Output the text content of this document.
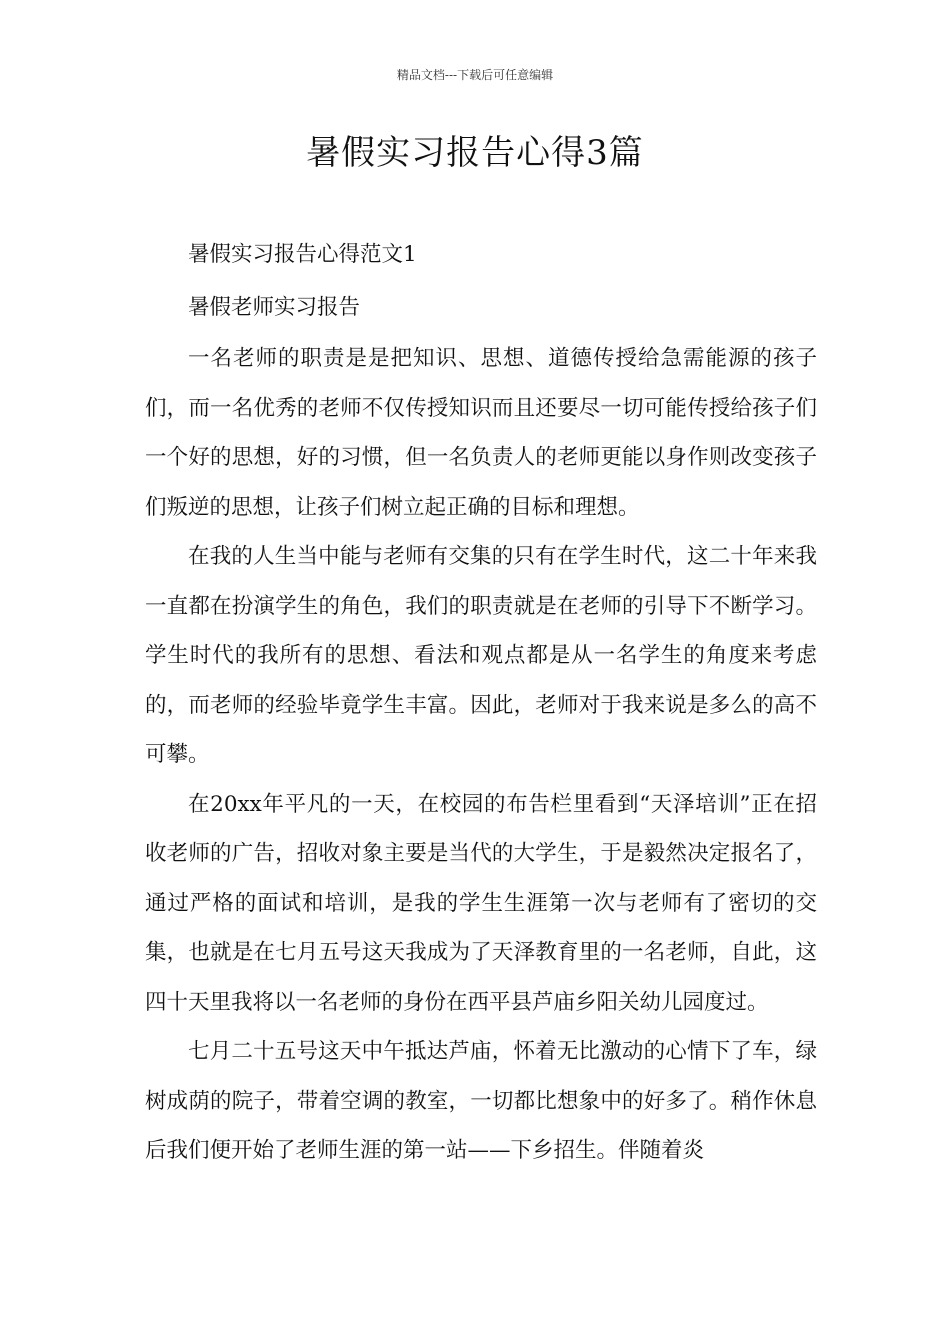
精品文档---下载后可任意编辑
暑假实习报告心得3篇

暑假实习报告心得范文1

暑假老师实习报告

一名老师的职责是是把知识、思想、道德传授给急需能源的孩子们，而一名优秀的老师不仅传授知识而且还要尽一切可能传授给孩子们一个好的思想，好的习惯，但一名负责人的老师更能以身作则改变孩子们叛逆的思想，让孩子们树立起正确的目标和理想。

在我的人生当中能与老师有交集的只有在学生时代，这二十年来我一直都在扮演学生的角色，我们的职责就是在老师的引导下不断学习。学生时代的我所有的思想、看法和观点都是从一名学生的角度来考虑的，而老师的经验毕竟学生丰富。因此，老师对于我来说是多么的高不可攀。

在20xx年平凡的一天，在校园的布告栏里看到“天泽培训”正在招收老师的广告，招收对象主要是当代的大学生，于是毅然决定报名了，通过严格的面试和培训，是我的学生生涯第一次与老师有了密切的交集，也就是在七月五号这天我成为了天泽教育里的一名老师，自此，这 四十天里我将以一名老师的身份在西平县芦庙乡阳关幼儿园度过。

七月二十五号这天中午抵达芦庙，怀着无比激动的心情下了车，绿树成荫的院子，带着空调的教室，一切都比想象中的好多了。稍作休息后我们便开始了老师生涯的第一站——下乡招生。伴随着炎
